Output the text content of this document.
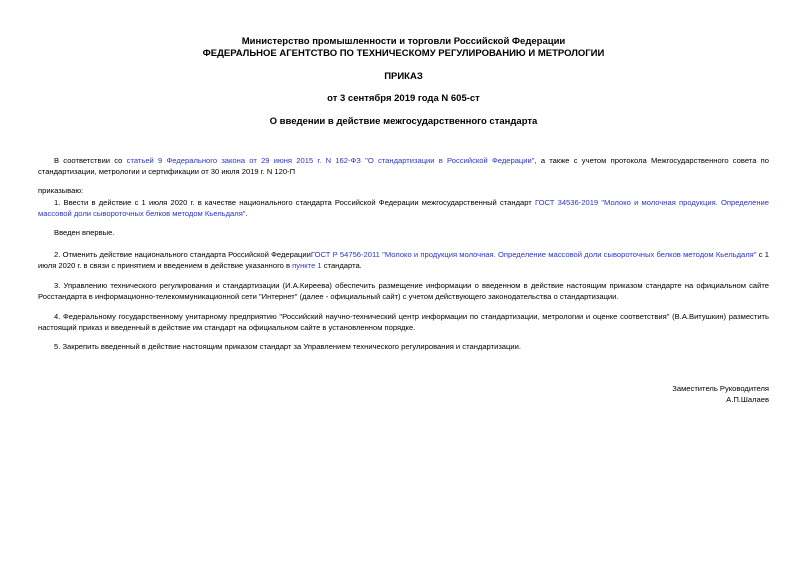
Министерство промышленности и торговли Российской Федерации
ФЕДЕРАЛЬНОЕ АГЕНТСТВО ПО ТЕХНИЧЕСКОМУ РЕГУЛИРОВАНИЮ И МЕТРОЛОГИИ
ПРИКАЗ
от 3 сентября 2019 года N 605-ст
О введении в действие межгосударственного стандарта
В соответствии со статьей 9 Федерального закона от 29 июня 2015 г. N 162-ФЗ "О стандартизации в Российской Федерации", а также с учетом протокола Межгосударственного совета по стандартизации, метрологии и сертификации от 30 июля 2019 г. N 120-П
приказываю:
1. Ввести в действие с 1 июля 2020 г. в качестве национального стандарта Российской Федерации межгосударственный стандарт ГОСТ 34536-2019 "Молоко и молочная продукция. Определение массовой доли сывороточных белков методом Кьельдаля".
Введен впервые.
2. Отменить действие национального стандарта Российской ФедерацииГОСТ Р 54756-2011 "Молоко и продукция молочная. Определение массовой доли сывороточных белков методом Кьельдаля" с 1 июля 2020 г. в связи с принятием и введением в действие указанного в пункте 1 стандарта.
3. Управлению технического регулирования и стандартизации (И.А.Киреева) обеспечить размещение информации о введенном в действие настоящим приказом стандарте на официальном сайте Росстандарта в информационно-телекоммуникационной сети "Интернет" (далее - официальный сайт) с учетом действующего законодательства о стандартизации.
4. Федеральному государственному унитарному предприятию "Российский научно-технический центр информации по стандартизации, метрологии и оценке соответствия" (В.А.Витушкин) разместить настоящий приказ и введенный в действие им стандарт на официальном сайте в установленном порядке.
5. Закрепить введенный в действие настоящим приказом стандарт за Управлением технического регулирования и стандартизации.
Заместитель Руководителя
А.П.Шалаев
